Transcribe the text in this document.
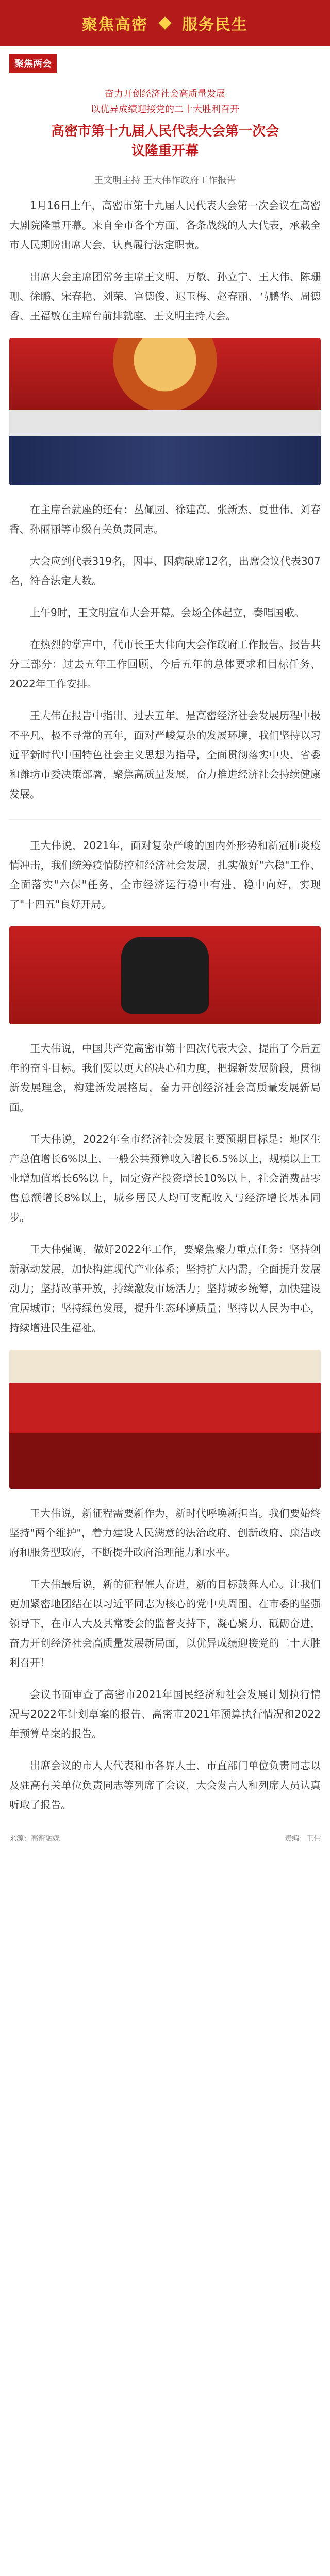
聚焦高密 服务民生
聚焦两会
奋力开创经济社会高质量发展
以优异成绩迎接党的二十大胜利召开
高密市第十九届人民代表大会第一次会
议隆重开幕
王文明主持 王大伟作政府工作报告

1月16日上午，高密市第十九届人民代表大会第一次会议在高密大剧院隆重开幕。来自全市各个方面、各条战线的人大代表，承载全市人民期盼出席大会，认真履行法定职责。

出席大会主席团常务主席王文明、万敏、孙立宁、王大伟、陈珊珊、徐鹏、宋春艳、刘荣、宫德俊、迟玉梅、赵春丽、马鹏华、周德香、王福敏在主席台前排就座，王文明主持大会。

在主席台就座的还有：丛佩园、徐建高、张新杰、夏世伟、刘春香、孙丽丽等市级有关负责同志。

大会应到代表319名，因事、因病缺席12名，出席会议代表307名，符合法定人数。

上午9时，王文明宣布大会开幕。会场全体起立，奏唱国歌。

在热烈的掌声中，代市长王大伟向大会作政府工作报告。报告共分三部分：过去五年工作回顾、今后五年的总体要求和目标任务、2022年工作安排。

王大伟在报告中指出，过去五年，是高密经济社会发展历程中极不平凡、极不寻常的五年，面对严峻复杂的发展环境，我们坚持以习近平新时代中国特色社会主义思想为指导，全面贯彻落实中央、省委和潍坊市委决策部署，聚焦高质量发展，奋力推进经济社会持续健康发展。

王大伟说，2021年，面对复杂严峻的国内外形势和新冠肺炎疫情冲击，我们统筹疫情防控和经济社会发展，扎实做好"六稳"工作、全面落实"六保"任务，全市经济运行稳中有进、稳中向好，实现了"十四五"良好开局。

王大伟说，中国共产党高密市第十四次代表大会，提出了今后五年的奋斗目标。我们要以更大的决心和力度，把握新发展阶段，贯彻新发展理念，构建新发展格局，奋力开创经济社会高质量发展新局面。

王大伟说，2022年全市经济社会发展主要预期目标是：地区生产总值增长6%以上，一般公共预算收入增长6.5%以上，规模以上工业增加值增长6%以上，固定资产投资增长10%以上，社会消费品零售总额增长8%以上，城乡居民人均可支配收入与经济增长基本同步。

王大伟强调，做好2022年工作，要聚焦聚力重点任务：坚持创新驱动发展，加快构建现代产业体系；坚持扩大内需，全面提升发展动力；坚持改革开放，持续激发市场活力；坚持城乡统筹，加快建设宜居城市；坚持绿色发展，提升生态环境质量；坚持以人民为中心，持续增进民生福祉。

王大伟说，新征程需要新作为，新时代呼唤新担当。我们要始终坚持"两个维护"，着力建设人民满意的法治政府、创新政府、廉洁政府和服务型政府，不断提升政府治理能力和水平。

王大伟最后说，新的征程催人奋进，新的目标鼓舞人心。让我们更加紧密地团结在以习近平同志为核心的党中央周围，在市委的坚强领导下，在市人大及其常委会的监督支持下，凝心聚力、砥砺奋进，奋力开创经济社会高质量发展新局面，以优异成绩迎接党的二十大胜利召开！

会议书面审查了高密市2021年国民经济和社会发展计划执行情况与2022年计划草案的报告、高密市2021年预算执行情况和2022年预算草案的报告。

出席会议的市人大代表和市各界人士、市直部门单位负责同志以及驻高有关单位负责同志等列席了会议，大会发言人和列席人员认真听取了报告。

来源：高密融媒	责编：王伟
